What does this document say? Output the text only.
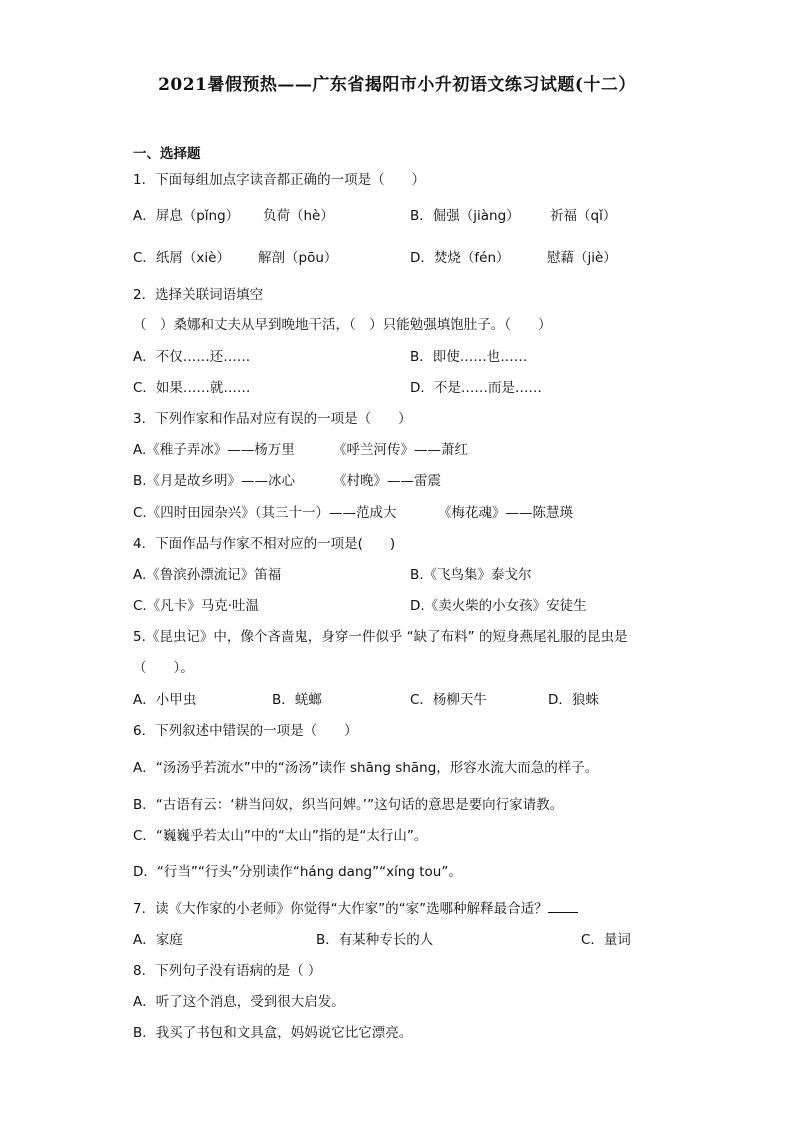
2021暑假预热——广东省揭阳市小升初语文练习试题(十二）
一、选择题
1．下面每组加点字读音都正确的一项是（　　）
A．屏息（pǐng） 负荷（hè）	B．倔强（jiàng） 祈福（qǐ）
C．纸屑（xiè） 解剖（pōu）	D．焚烧（fén）	慰藉（jiè）
2．选择关联词语填空
（　）桑娜和丈夫从早到晚地干活，（　）只能勉强填饱肚子。（　　）
A．不仅……还……	B．即使……也……
C．如果……就……	D．不是……而是……
3．下列作家和作品对应有误的一项是（　　）
A.《稚子弄冰》——杨万里	《呼兰河传》——萧红
B.《月是故乡明》——冰心	《村晚》——雷震
C.《四时田园杂兴》（其三十一）——范成大	《梅花魂》——陈慧瑛
4．下面作品与作家不相对应的一项是(　　)
A.《鲁滨孙漂流记》笛福	B.《飞鸟集》泰戈尔
C.《凡卡》马克·吐温	D.《卖火柴的小女孩》安徒生
5.《昆虫记》中，像个吝啬鬼，身穿一件似乎 “缺了布料” 的短身燕尾礼服的昆虫是
（　　）。
A．小甲虫	B．蜣螂	C．杨柳天牛	D．狼蛛
6．下列叙述中错误的一项是（　　）
A．“汤汤乎若流水”中的“汤汤”读作 shāng shāng，形容水流大而急的样子。
B．“古语有云：‘耕当问奴，织当问婢。’”这句话的意思是要向行家请教。
C．“巍巍乎若太山”中的“太山”指的是“太行山”。
D．“行当”“行头”分别读作“háng dang”“xíng tou”。
7．读《大作家的小老师》你觉得“大作家”的“家”选哪种解释最合适？
A．家庭	B．有某种专长的人	C．量词
8．下列句子没有语病的是（ ）
A．听了这个消息，受到很大启发。
B．我买了书包和文具盒，妈妈说它比它漂亮。
